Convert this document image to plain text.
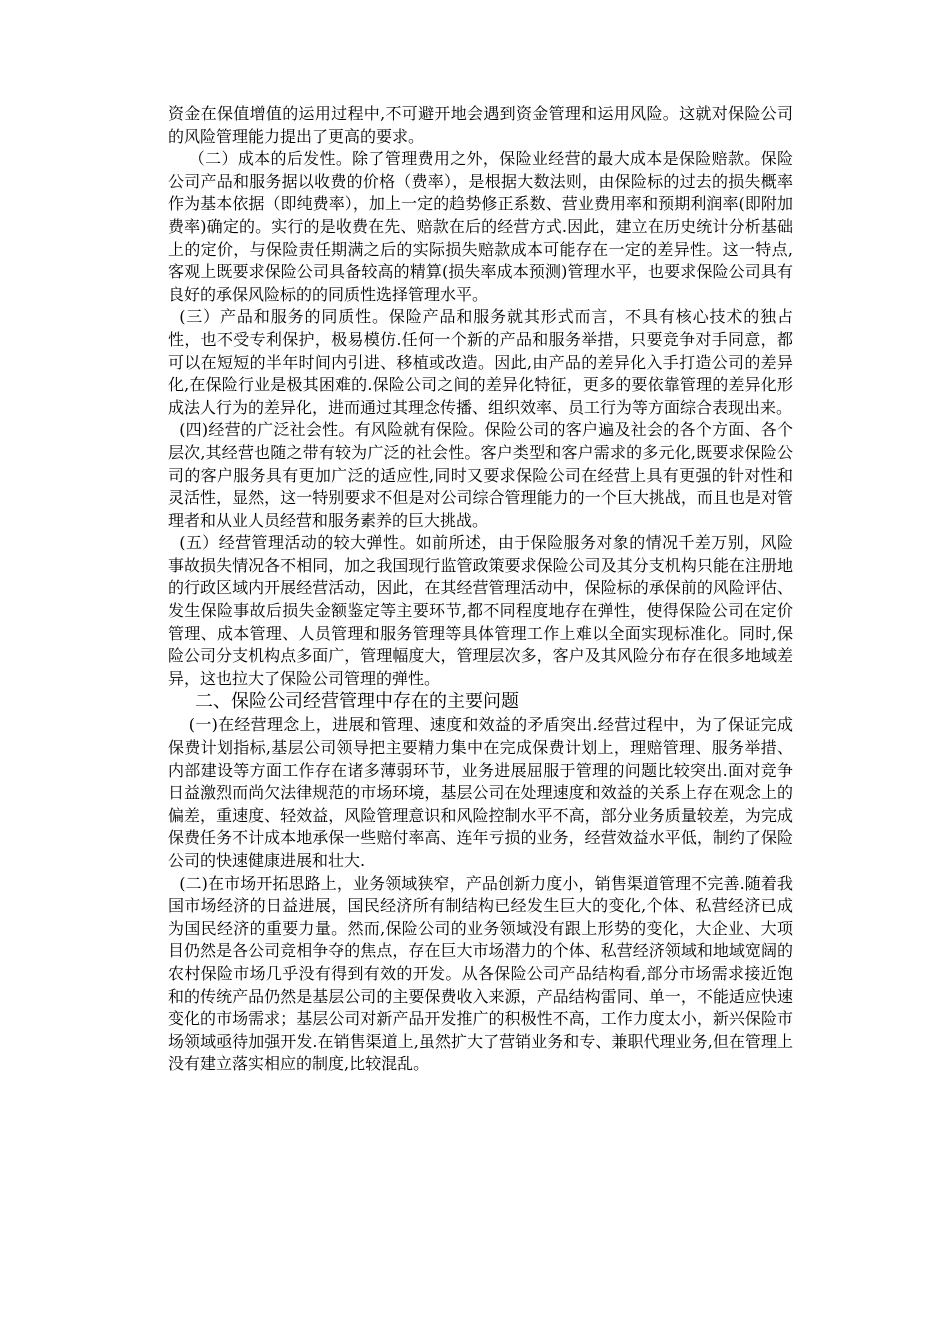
资金在保值增值的运用过程中,不可避开地会遇到资金管理和运用风险。这就对保险公司的风险管理能力提出了更高的要求。

（二）成本的后发性。除了管理费用之外，保险业经营的最大成本是保险赔款。保险公司产品和服务据以收费的价格（费率），是根据大数法则，由保险标的过去的损失概率作为基本依据（即纯费率），加上一定的趋势修正系数、营业费用率和预期利润率(即附加费率)确定的。实行的是收费在先、赔款在后的经营方式.因此，建立在历史统计分析基础上的定价，与保险责任期满之后的实际损失赔款成本可能存在一定的差异性。这一特点,客观上既要求保险公司具备较高的精算(损失率成本预测)管理水平，也要求保险公司具有良好的承保风险标的的同质性选择管理水平。

(三）产品和服务的同质性。保险产品和服务就其形式而言，不具有核心技术的独占性，也不受专利保护，极易模仿.任何一个新的产品和服务举措，只要竞争对手同意，都可以在短短的半年时间内引进、移植或改造。因此,由产品的差异化入手打造公司的差异化,在保险行业是极其困难的.保险公司之间的差异化特征，更多的要依靠管理的差异化形成法人行为的差异化，进而通过其理念传播、组织效率、员工行为等方面综合表现出来。

(四)经营的广泛社会性。有风险就有保险。保险公司的客户遍及社会的各个方面、各个层次,其经营也随之带有较为广泛的社会性。客户类型和客户需求的多元化,既要求保险公司的客户服务具有更加广泛的适应性,同时又要求保险公司在经营上具有更强的针对性和灵活性，显然，这一特别要求不但是对公司综合管理能力的一个巨大挑战，而且也是对管理者和从业人员经营和服务素养的巨大挑战。

(五）经营管理活动的较大弹性。如前所述，由于保险服务对象的情况千差万别，风险事故损失情况各不相同，加之我国现行监管政策要求保险公司及其分支机构只能在注册地的行政区域内开展经营活动，因此，在其经营管理活动中，保险标的承保前的风险评估、发生保险事故后损失金额鉴定等主要环节,都不同程度地存在弹性，使得保险公司在定价管理、成本管理、人员管理和服务管理等具体管理工作上难以全面实现标准化。同时,保险公司分支机构点多面广，管理幅度大，管理层次多，客户及其风险分布存在很多地域差异，这也拉大了保险公司管理的弹性。

二、保险公司经营管理中存在的主要问题

(一)在经营理念上，进展和管理、速度和效益的矛盾突出.经营过程中，为了保证完成保费计划指标,基层公司领导把主要精力集中在完成保费计划上，理赔管理、服务举措、内部建设等方面工作存在诸多薄弱环节，业务进展屈服于管理的问题比较突出.面对竞争日益激烈而尚欠法律规范的市场环境，基层公司在处理速度和效益的关系上存在观念上的偏差，重速度、轻效益，风险管理意识和风险控制水平不高，部分业务质量较差，为完成保费任务不计成本地承保一些赔付率高、连年亏损的业务，经营效益水平低，制约了保险公司的快速健康进展和壮大.

(二)在市场开拓思路上，业务领域狭窄，产品创新力度小，销售渠道管理不完善.随着我国市场经济的日益进展，国民经济所有制结构已经发生巨大的变化,个体、私营经济已成为国民经济的重要力量。然而,保险公司的业务领域没有跟上形势的变化，大企业、大项目仍然是各公司竞相争夺的焦点，存在巨大市场潜力的个体、私营经济领域和地域宽阔的农村保险市场几乎没有得到有效的开发。从各保险公司产品结构看,部分市场需求接近饱和的传统产品仍然是基层公司的主要保费收入来源，产品结构雷同、单一，不能适应快速变化的市场需求；基层公司对新产品开发推广的积极性不高，工作力度太小，新兴保险市场领域亟待加强开发.在销售渠道上,虽然扩大了营销业务和专、兼职代理业务,但在管理上没有建立落实相应的制度,比较混乱。
